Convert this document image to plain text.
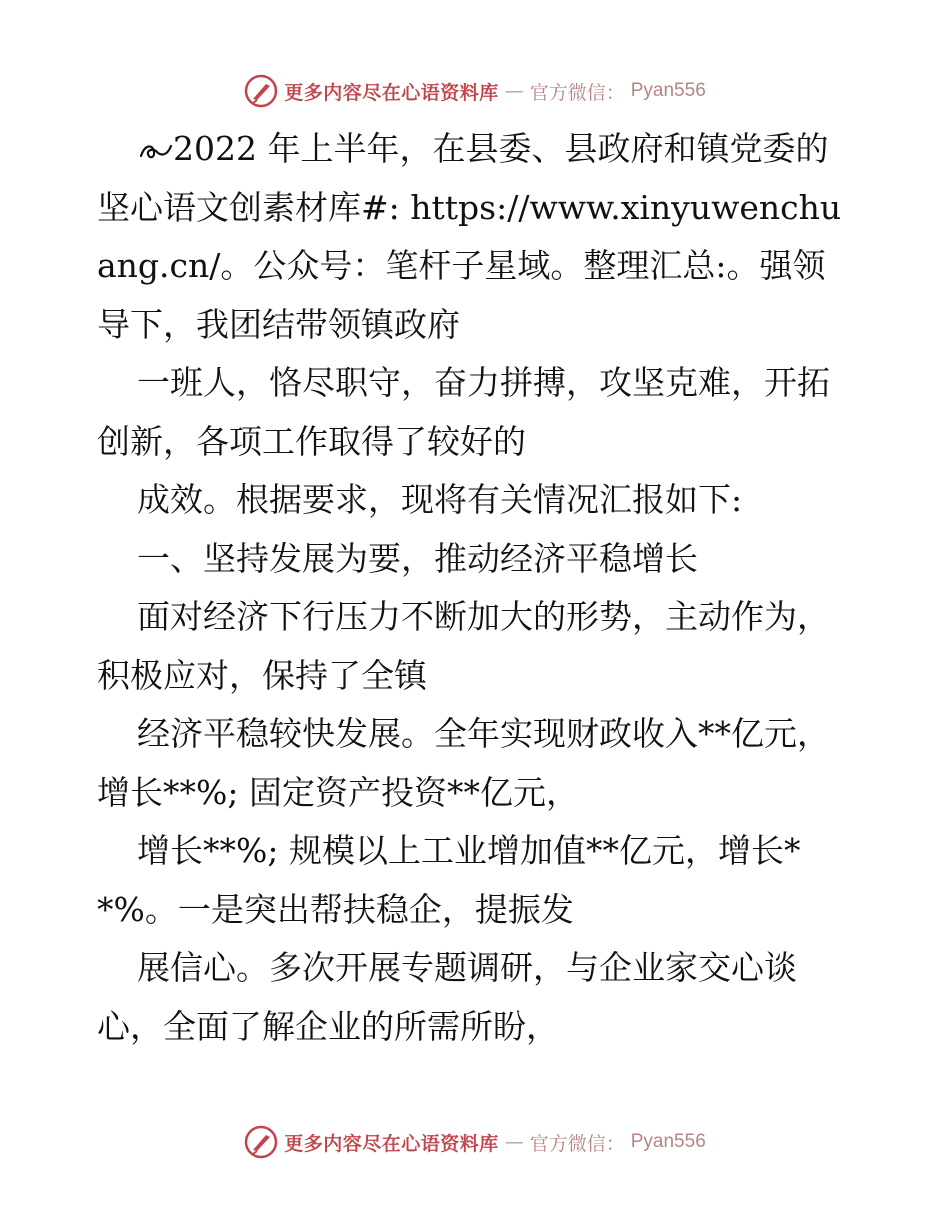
更多内容尽在心语资料库 — 官方微信： Pyan556

2022 年上半年，在县委、县政府和镇党委的坚心语文创素材库#: https://www.xinyuwenchuang.cn/。公众号：笔杆子星域。整理汇总:。强领导下，我团结带领镇政府

一班人，恪尽职守，奋力拼搏，攻坚克难，开拓创新，各项工作取得了较好的

成效。根据要求，现将有关情况汇报如下:

一、坚持发展为要，推动经济平稳增长

面对经济下行压力不断加大的形势，主动作为，积极应对，保持了全镇

经济平稳较快发展。全年实现财政收入**亿元，增长**%; 固定资产投资**亿元，

增长**%; 规模以上工业增加值**亿元，增长**%。一是突出帮扶稳企，提振发

展信心。多次开展专题调研，与企业家交心谈心，全面了解企业的所需所盼，

更多内容尽在心语资料库 — 官方微信： Pyan556
